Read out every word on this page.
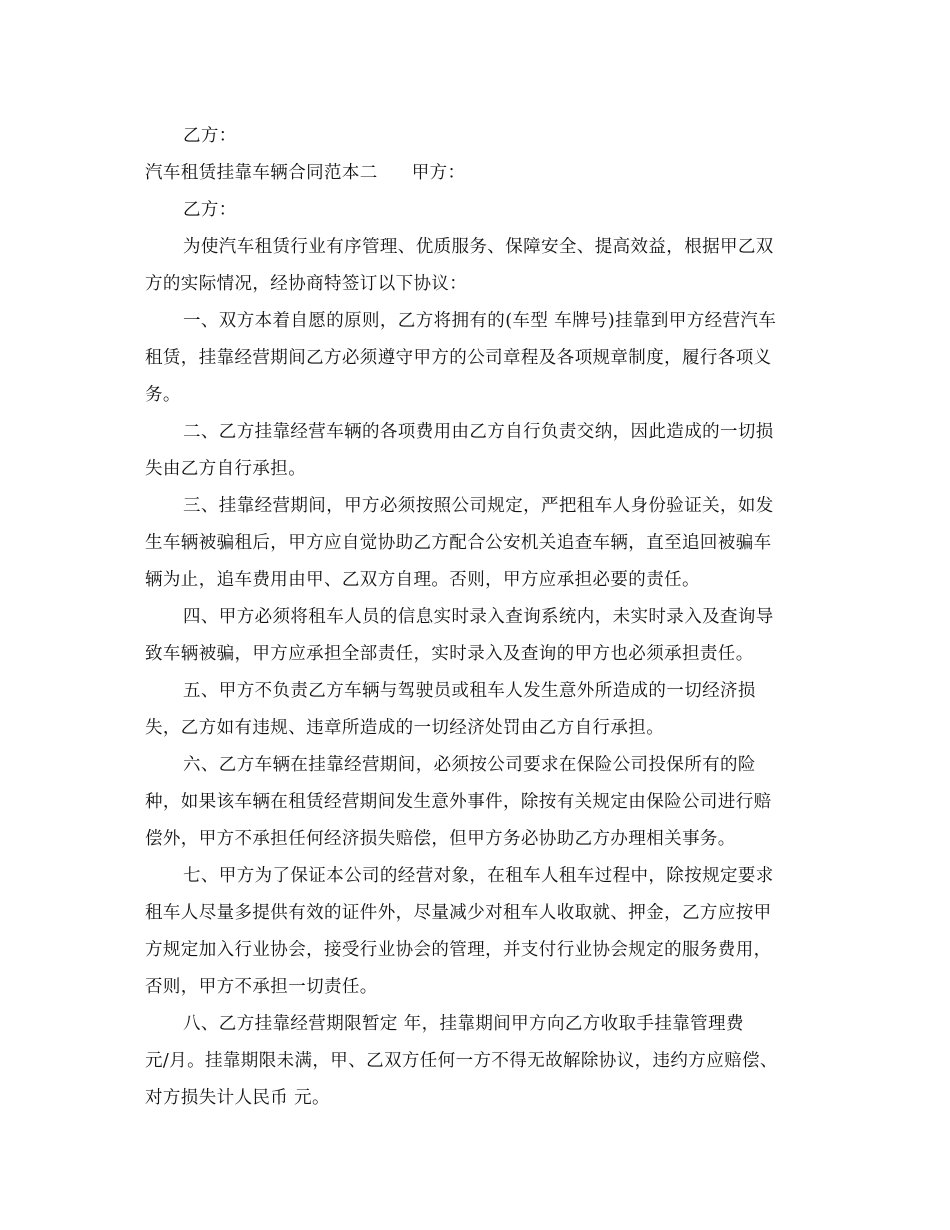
乙方：
汽车租赁挂靠车辆合同范本二 甲方：
乙方：
为使汽车租赁行业有序管理、优质服务、保障安全、提高效益，根据甲乙双
方的实际情况，经协商特签订以下协议：
一、双方本着自愿的原则，乙方将拥有的(车型 车牌号)挂靠到甲方经营汽车
租赁，挂靠经营期间乙方必须遵守甲方的公司章程及各项规章制度，履行各项义
务。
二、乙方挂靠经营车辆的各项费用由乙方自行负责交纳，因此造成的一切损
失由乙方自行承担。
三、挂靠经营期间，甲方必须按照公司规定，严把租车人身份验证关，如发
生车辆被骗租后，甲方应自觉协助乙方配合公安机关追查车辆，直至追回被骗车
辆为止，追车费用由甲、乙双方自理。否则，甲方应承担必要的责任。
四、甲方必须将租车人员的信息实时录入查询系统内，未实时录入及查询导
致车辆被骗，甲方应承担全部责任，实时录入及查询的甲方也必须承担责任。
五、甲方不负责乙方车辆与驾驶员或租车人发生意外所造成的一切经济损
失，乙方如有违规、违章所造成的一切经济处罚由乙方自行承担。
六、乙方车辆在挂靠经营期间，必须按公司要求在保险公司投保所有的险
种，如果该车辆在租赁经营期间发生意外事件，除按有关规定由保险公司进行赔
偿外，甲方不承担任何经济损失赔偿，但甲方务必协助乙方办理相关事务。
七、甲方为了保证本公司的经营对象，在租车人租车过程中，除按规定要求
租车人尽量多提供有效的证件外，尽量减少对租车人收取就、押金，乙方应按甲
方规定加入行业协会，接受行业协会的管理，并支付行业协会规定的服务费用，
否则，甲方不承担一切责任。
八、乙方挂靠经营期限暂定 年，挂靠期间甲方向乙方收取手挂靠管理费
元/月。挂靠期限未满，甲、乙双方任何一方不得无故解除协议，违约方应赔偿、
对方损失计人民币 元。
